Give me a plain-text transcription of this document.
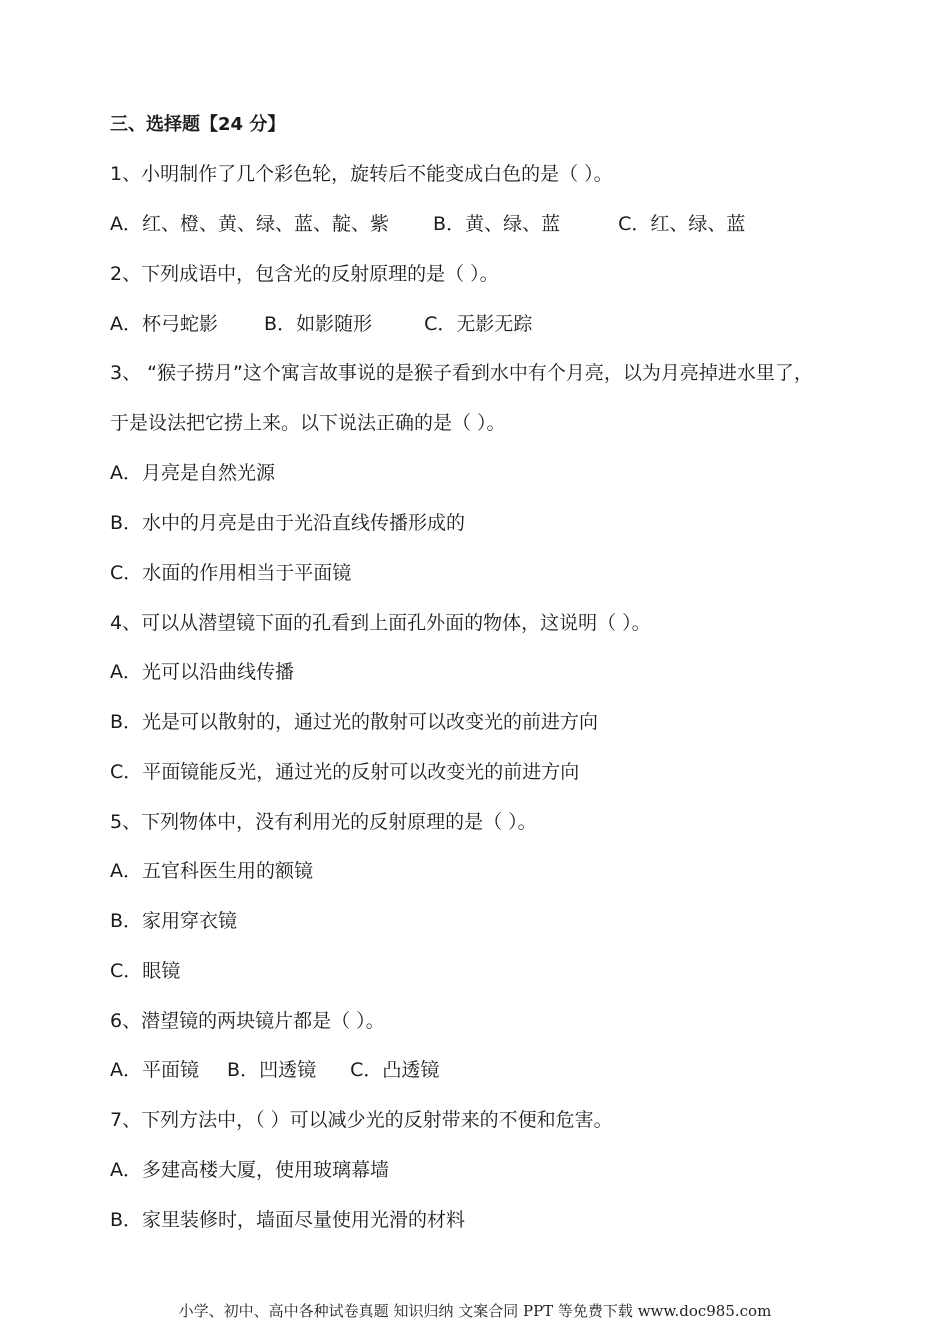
三、选择题【24 分】
1、小明制作了几个彩色轮，旋转后不能变成白色的是（ ）。
A．红、橙、黄、绿、蓝、靛、紫 B．黄、绿、蓝	C．红、绿、蓝
2、下列成语中，包含光的反射原理的是（ ）。
A．杯弓蛇影 B．如影随形	C．无影无踪
3、 “猴子捞月”这个寓言故事说的是猴子看到水中有个月亮，以为月亮掉进水里了，
于是设法把它捞上来。以下说法正确的是（ ）。
A．月亮是自然光源
B．水中的月亮是由于光沿直线传播形成的
C．水面的作用相当于平面镜
4、可以从潜望镜下面的孔看到上面孔外面的物体，这说明（ ）。
A．光可以沿曲线传播
B．光是可以散射的，通过光的散射可以改变光的前进方向
C．平面镜能反光，通过光的反射可以改变光的前进方向
5、下列物体中，没有利用光的反射原理的是（ ）。
A．五官科医生用的额镜
B．家用穿衣镜
C．眼镜
6、潜望镜的两块镜片都是（ ）。
A．平面镜 B．凹透镜 C．凸透镜
7、下列方法中，（ ）可以减少光的反射带来的不便和危害。
A．多建高楼大厦，使用玻璃幕墙
B．家里装修时，墙面尽量使用光滑的材料
小学、初中、高中各种试卷真题 知识归纳 文案合同 PPT 等免费下载 www.doc985.com
